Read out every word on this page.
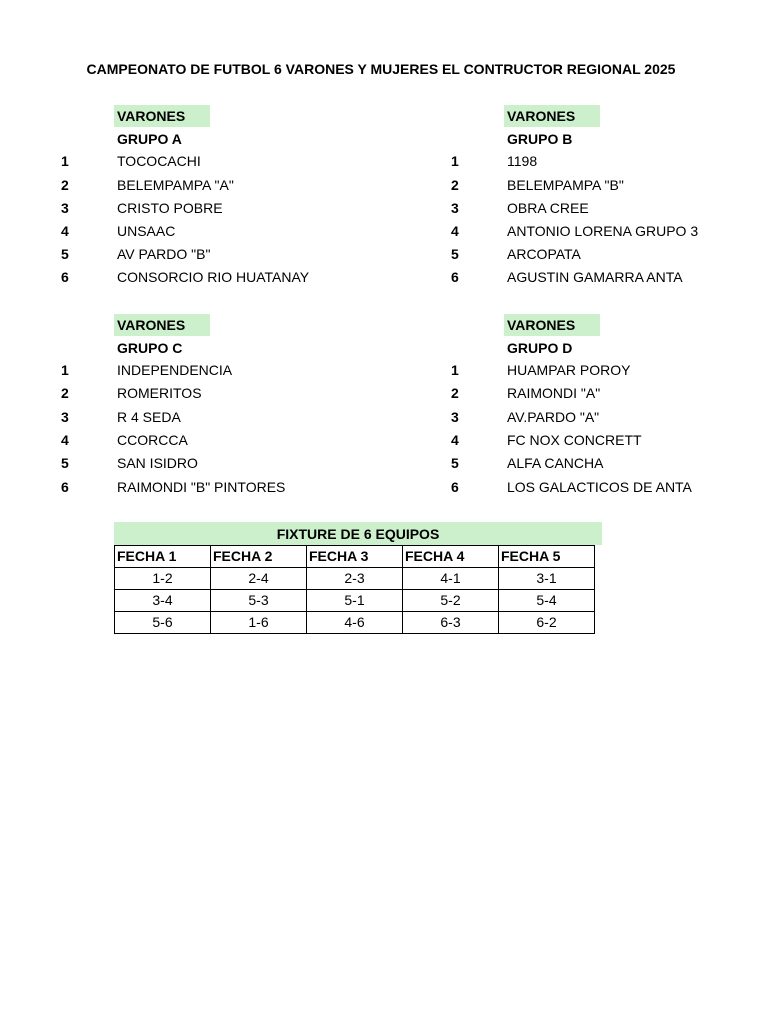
CAMPEONATO DE FUTBOL 6 VARONES Y MUJERES EL CONTRUCTOR REGIONAL 2025
VARONES
GRUPO A
1	TOCOCACHI
2	BELEMPAMPA "A"
3	CRISTO POBRE
4	UNSAAC
5	AV PARDO "B"
6	CONSORCIO RIO HUATANAY
VARONES
GRUPO B
1	1198
2	BELEMPAMPA "B"
3	OBRA CREE
4	ANTONIO LORENA GRUPO 3
5	ARCOPATA
6	AGUSTIN GAMARRA ANTA
VARONES
GRUPO C
1	INDEPENDENCIA
2	ROMERITOS
3	R 4 SEDA
4	CCORCCA
5	SAN ISIDRO
6	RAIMONDI "B" PINTORES
VARONES
GRUPO D
1	HUAMPAR POROY
2	RAIMONDI "A"
3	AV.PARDO "A"
4	FC NOX CONCRETT
5	ALFA CANCHA
6	LOS GALACTICOS DE ANTA
FIXTURE DE 6 EQUIPOS
FECHA 1	FECHA 2	FECHA 3	FECHA 4	FECHA 5
1-2	2-4	2-3	4-1	3-1
3-4	5-3	5-1	5-2	5-4
5-6	1-6	4-6	6-3	6-2
